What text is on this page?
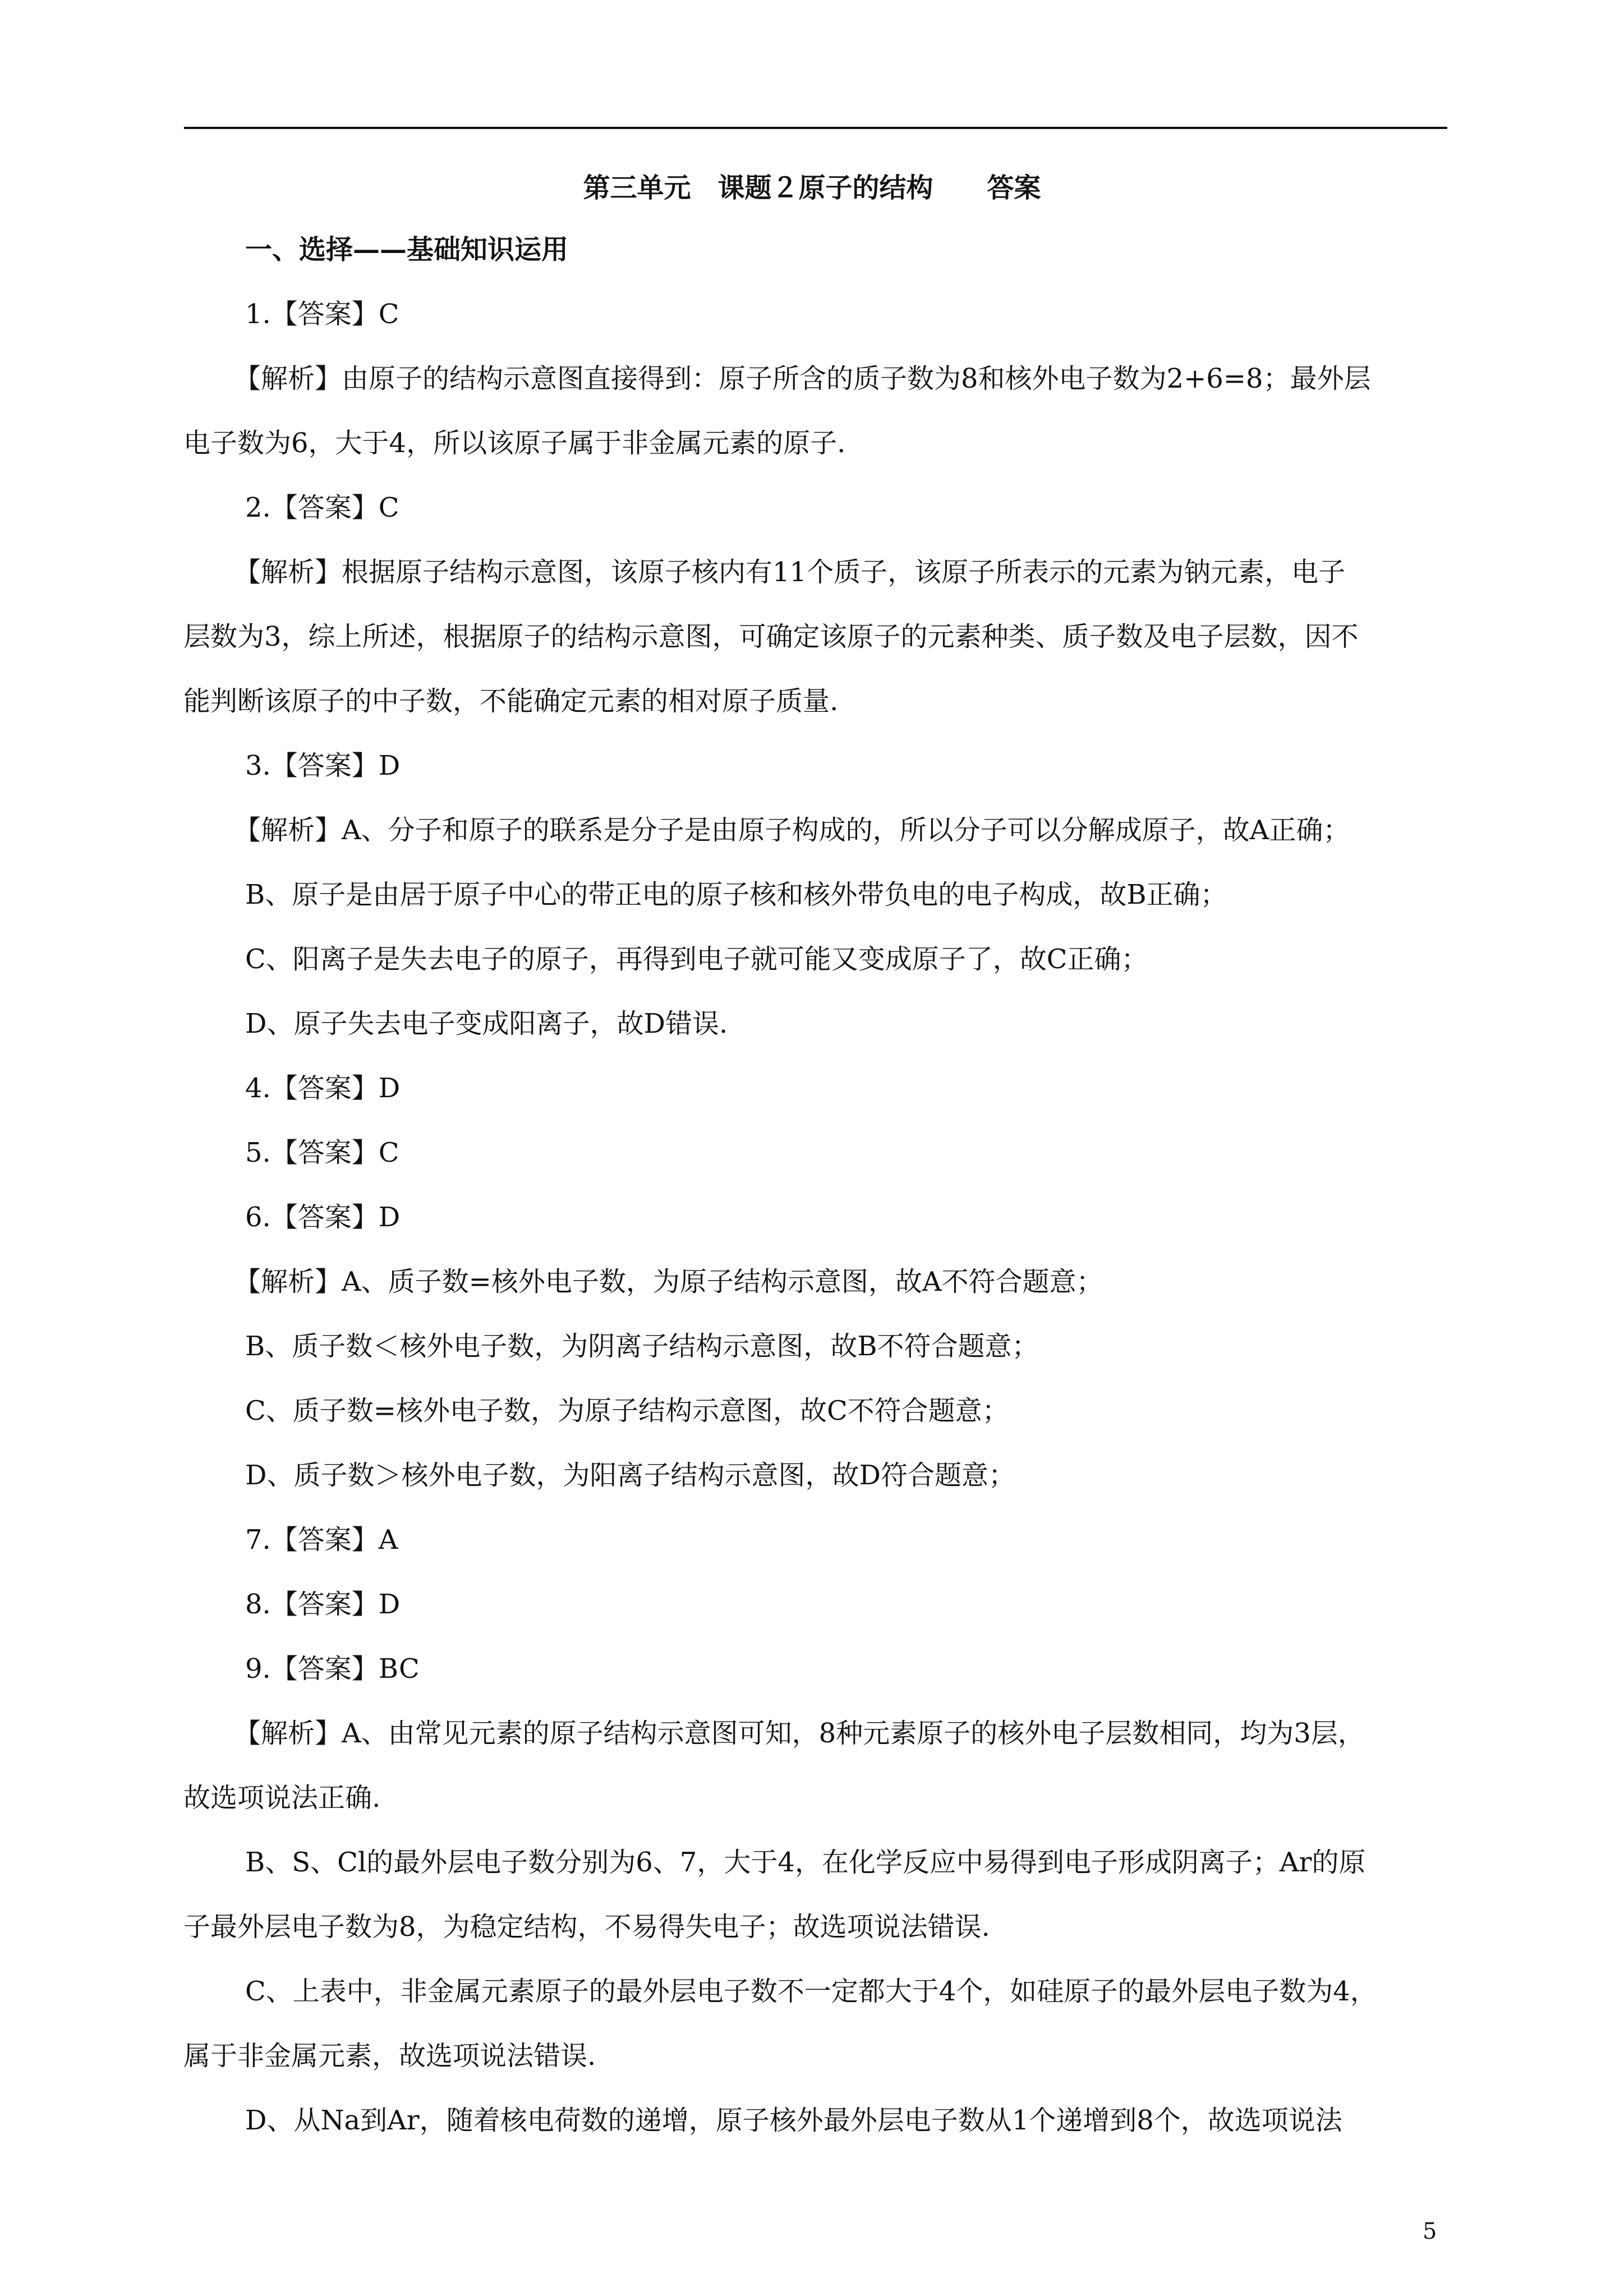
第三单元　课题２原子的结构　　答案
一、选择——基础知识运用
1.【答案】C
【解析】由原子的结构示意图直接得到：原子所含的质子数为8和核外电子数为2+6=8；最外层
电子数为6，大于4，所以该原子属于非金属元素的原子.
2.【答案】C
【解析】根据原子结构示意图，该原子核内有11个质子，该原子所表示的元素为钠元素，电子
层数为3，综上所述，根据原子的结构示意图，可确定该原子的元素种类、质子数及电子层数，因不
能判断该原子的中子数，不能确定元素的相对原子质量.
3.【答案】D
【解析】A、分子和原子的联系是分子是由原子构成的，所以分子可以分解成原子，故A正确；
B、原子是由居于原子中心的带正电的原子核和核外带负电的电子构成，故B正确；
C、阳离子是失去电子的原子，再得到电子就可能又变成原子了，故C正确；
D、原子失去电子变成阳离子，故D错误.
4.【答案】D
5.【答案】C
6.【答案】D
【解析】A、质子数=核外电子数，为原子结构示意图，故A不符合题意；
B、质子数＜核外电子数，为阴离子结构示意图，故B不符合题意；
C、质子数=核外电子数，为原子结构示意图，故C不符合题意；
D、质子数＞核外电子数，为阳离子结构示意图，故D符合题意；
7.【答案】A
8.【答案】D
9.【答案】BC
【解析】A、由常见元素的原子结构示意图可知，8种元素原子的核外电子层数相同，均为3层，
故选项说法正确.
B、S、Cl的最外层电子数分别为6、7，大于4，在化学反应中易得到电子形成阴离子；Ar的原
子最外层电子数为8，为稳定结构，不易得失电子；故选项说法错误.
C、上表中，非金属元素原子的最外层电子数不一定都大于4个，如硅原子的最外层电子数为4，
属于非金属元素，故选项说法错误.
D、从Na到Ar，随着核电荷数的递增，原子核外最外层电子数从1个递增到8个，故选项说法
5
